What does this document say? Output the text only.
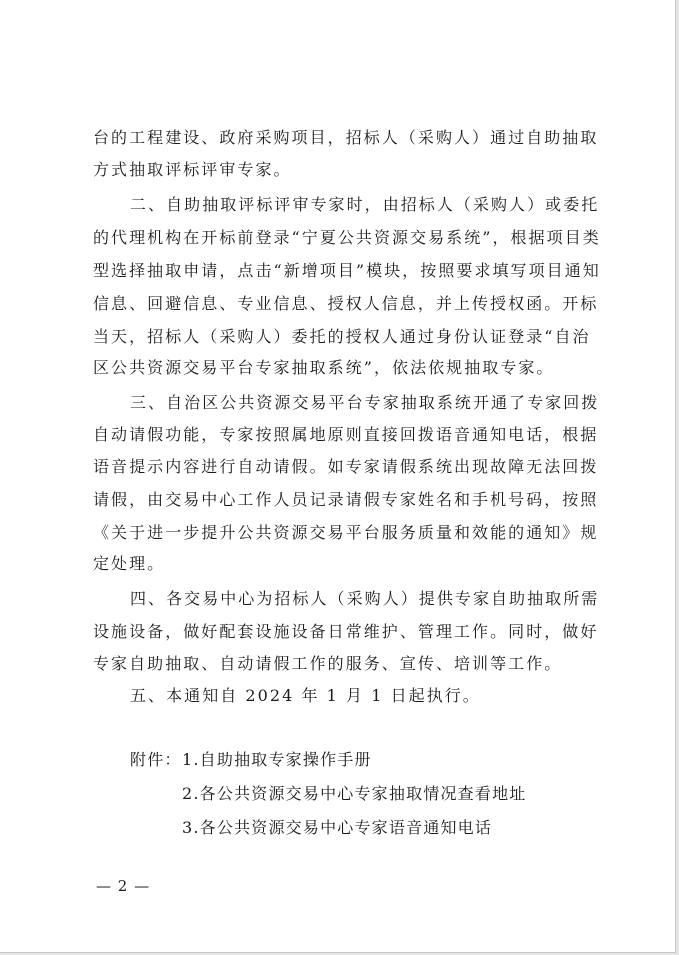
台的工程建设、政府采购项目，招标人（采购人）通过自助抽取
方式抽取评标评审专家。
二、自助抽取评标评审专家时，由招标人（采购人）或委托
的代理机构在开标前登录“宁夏公共资源交易系统”，根据项目类
型选择抽取申请，点击“新增项目”模块，按照要求填写项目通知
信息、回避信息、专业信息、授权人信息，并上传授权函。开标
当天，招标人（采购人）委托的授权人通过身份认证登录“自治
区公共资源交易平台专家抽取系统”，依法依规抽取专家。
三、自治区公共资源交易平台专家抽取系统开通了专家回拨
自动请假功能，专家按照属地原则直接回拨语音通知电话，根据
语音提示内容进行自动请假。如专家请假系统出现故障无法回拨
请假，由交易中心工作人员记录请假专家姓名和手机号码，按照
《关于进一步提升公共资源交易平台服务质量和效能的通知》规
定处理。
四、各交易中心为招标人（采购人）提供专家自助抽取所需
设施设备，做好配套设施设备日常维护、管理工作。同时，做好
专家自助抽取、自动请假工作的服务、宣传、培训等工作。
五、本通知自 2024 年 1 月 1 日起执行。
附件： 1.自助抽取专家操作手册
2.各公共资源交易中心专家抽取情况查看地址
3.各公共资源交易中心专家语音通知电话
— 2 —
